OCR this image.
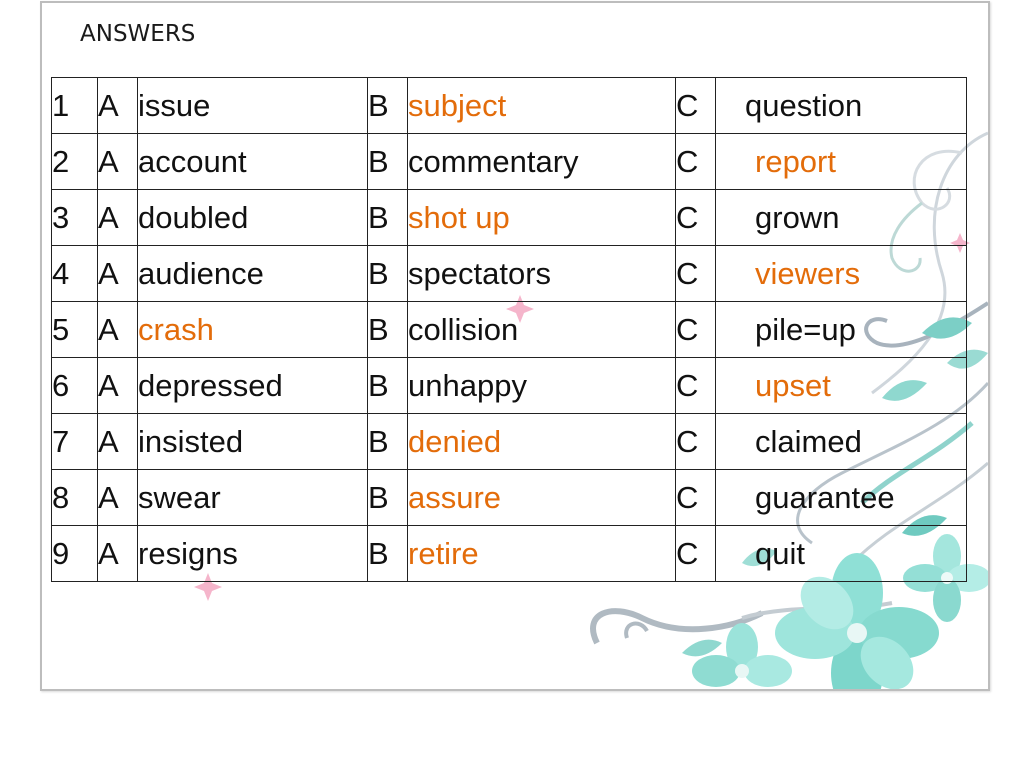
ANSWERS
1	A	issue	B	subject	C	question
2	A	account	B	commentary	C	report
3	A	doubled	B	shot up	C	grown
4	A	audience	B	spectators	C	viewers
5	A	crash	B	collision	C	pile=up
6	A	depressed	B	unhappy	C	upset
7	A	insisted	B	denied	C	claimed
8	A	swear	B	assure	C	guarantee
9	A	resigns	B	retire	C	quit
